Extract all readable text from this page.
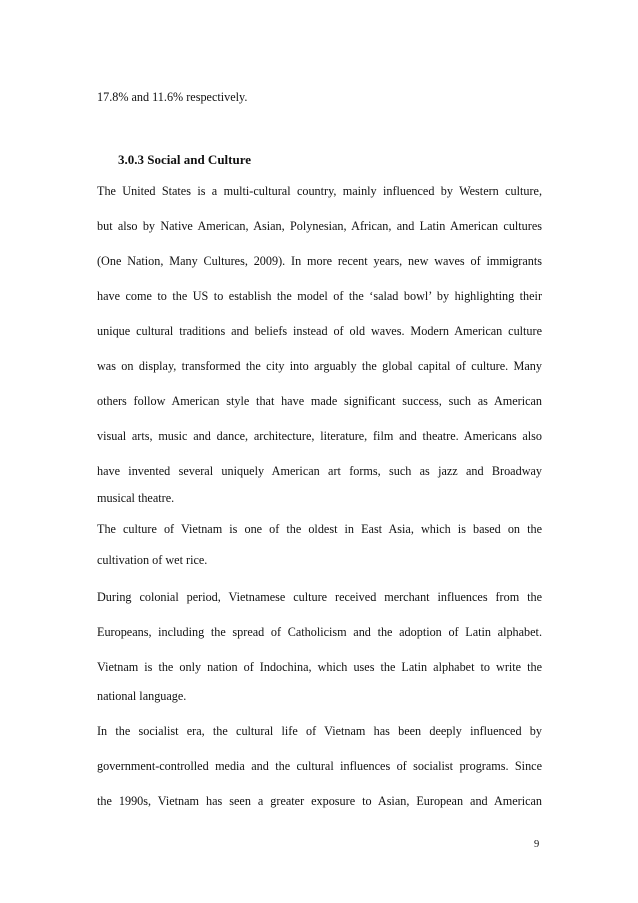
17.8% and 11.6% respectively.
3.0.3 Social and Culture
The United States is a multi-cultural country, mainly influenced by Western culture,
but also by Native American, Asian, Polynesian, African, and Latin American cultures
(One Nation, Many Cultures, 2009). In more recent years, new waves of immigrants
have come to the US to establish the model of the ‘salad bowl’ by highlighting their
unique cultural traditions and beliefs instead of old waves. Modern American culture
was on display, transformed the city into arguably the global capital of culture. Many
others follow American style that have made significant success, such as American
visual arts, music and dance, architecture, literature, film and theatre. Americans also
have invented several uniquely American art forms, such as jazz and Broadway
musical theatre.
The culture of Vietnam is one of the oldest in East Asia, which is based on the
cultivation of wet rice.
During colonial period, Vietnamese culture received merchant influences from the
Europeans, including the spread of Catholicism and the adoption of Latin alphabet.
Vietnam is the only nation of Indochina, which uses the Latin alphabet to write the
national language.
In the socialist era, the cultural life of Vietnam has been deeply influenced by
government-controlled media and the cultural influences of socialist programs. Since
the 1990s, Vietnam has seen a greater exposure to Asian, European and American
9
